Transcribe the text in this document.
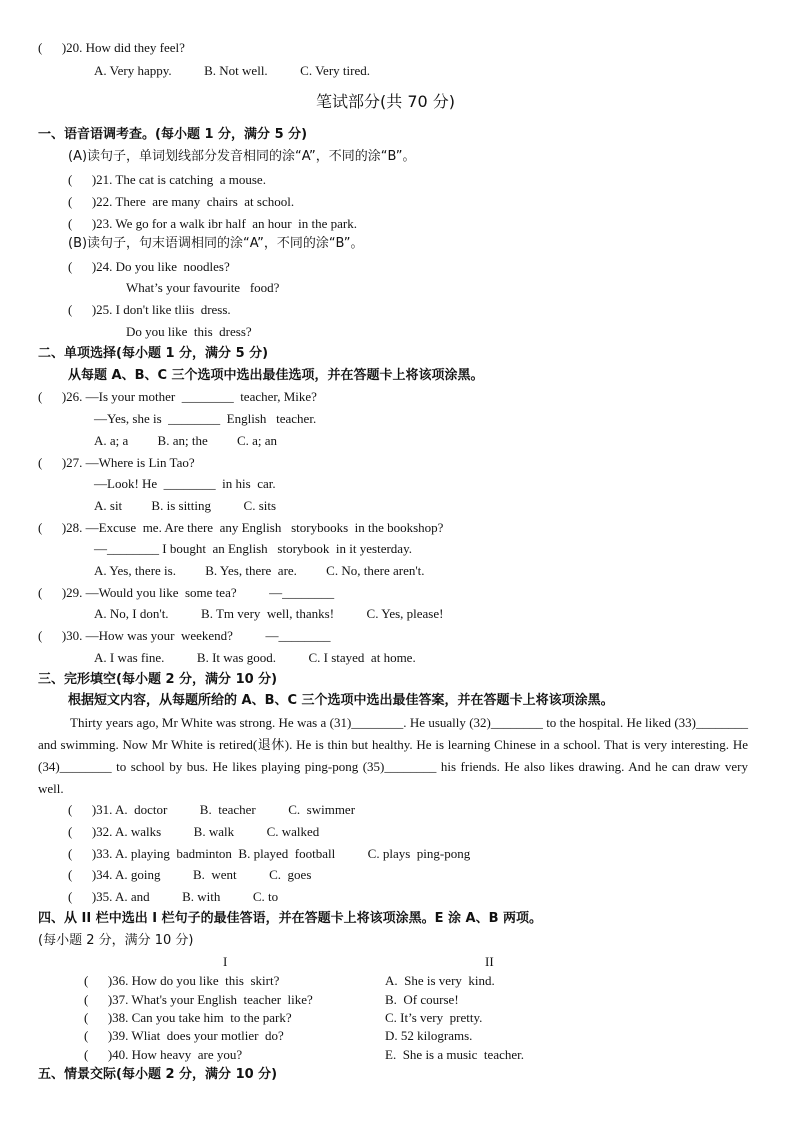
(      )20. How did they feel?
A. Very happy.          B. Not well.          C. Very tired.
笔试部分(共 70 分)
一、语音语调考查。(每小题 1 分，满分 5 分)
(A)读句子，单词划线部分发音相同的涂“A”，不同的涂“B”。
(      )21. The cat is catching  a mouse.
(      )22. There  are many  chairs  at school.
(      )23. We go for a walk ibr half  an hour  in the park.
(B)读句子，句末语调相同的涂“A”，不同的涂“B”。
(      )24. Do you like  noodles?
What’s your favourite   food?
(      )25. I don't like tliis  dress.
Do you like  this  dress?
二、单项选择(每小题 1 分，满分 5 分)
从每题 A、B、C 三个选项中选出最佳选项，并在答题卡上将该项涂黑。
(      )26. —Is your mother  ________  teacher, Mike?
—Yes, she is  ________  English   teacher.
A. a; a         B. an; the         C. a; an
(      )27. —Where is Lin Tao?
—Look! He  ________  in his  car.
A. sit         B. is sitting          C. sits
(      )28. —Excuse  me. Are there  any English   storybooks  in the bookshop?
—________ I bought  an English   storybook  in it yesterday.
A. Yes, there is.         B. Yes, there  are.         C. No, there aren't.
(      )29. —Would you like  some tea?          —________
A. No, I don't.          B. Tm very  well, thanks!          C. Yes, please!
(      )30. —How was your  weekend?          —________
A. I was fine.          B. It was good.          C. I stayed  at home.
三、完形填空(每小题 2 分，满分 10 分)
根据短文内容，从每题所给的 A、B、C 三个选项中选出最佳答案，并在答题卡上将该项涂黑。
Thirty years ago, Mr White was strong. He was a (31)________. He usually (32)________ to the hospital. He liked (33)________ and swimming. Now Mr White is retired(退休). He is thin but healthy. He is learning Chinese in a school. That is very interesting. He (34)________ to school by bus. He likes playing ping-pong (35)________ his friends. He also likes drawing. And he can draw very well.
(      )31. A.  doctor          B.  teacher          C.  swimmer
(      )32. A. walks          B. walk          C. walked
(      )33. A. playing  badminton  B. played  football          C. plays  ping-pong
(      )34. A. going          B.  went          C.  goes
(      )35. A. and          B. with          C. to
四、从 II 栏中选出 I 栏句子的最佳答语，并在答题卡上将该项涂黑。E 涂 A、B 两项。
(每小题 2 分，满分 10 分)
I	II
(      )36. How do you like  this  skirt?
(      )37. What's your English  teacher  like?
(      )38. Can you take him  to the park?
(      )39. Wliat  does your motlier  do?
(      )40. How heavy  are you?
A.  She is very  kind.
B.  Of course!
C. It’s very  pretty.
D. 52 kilograms.
E.  She is a music  teacher.
五、情景交际(每小题 2 分，满分 10 分)
